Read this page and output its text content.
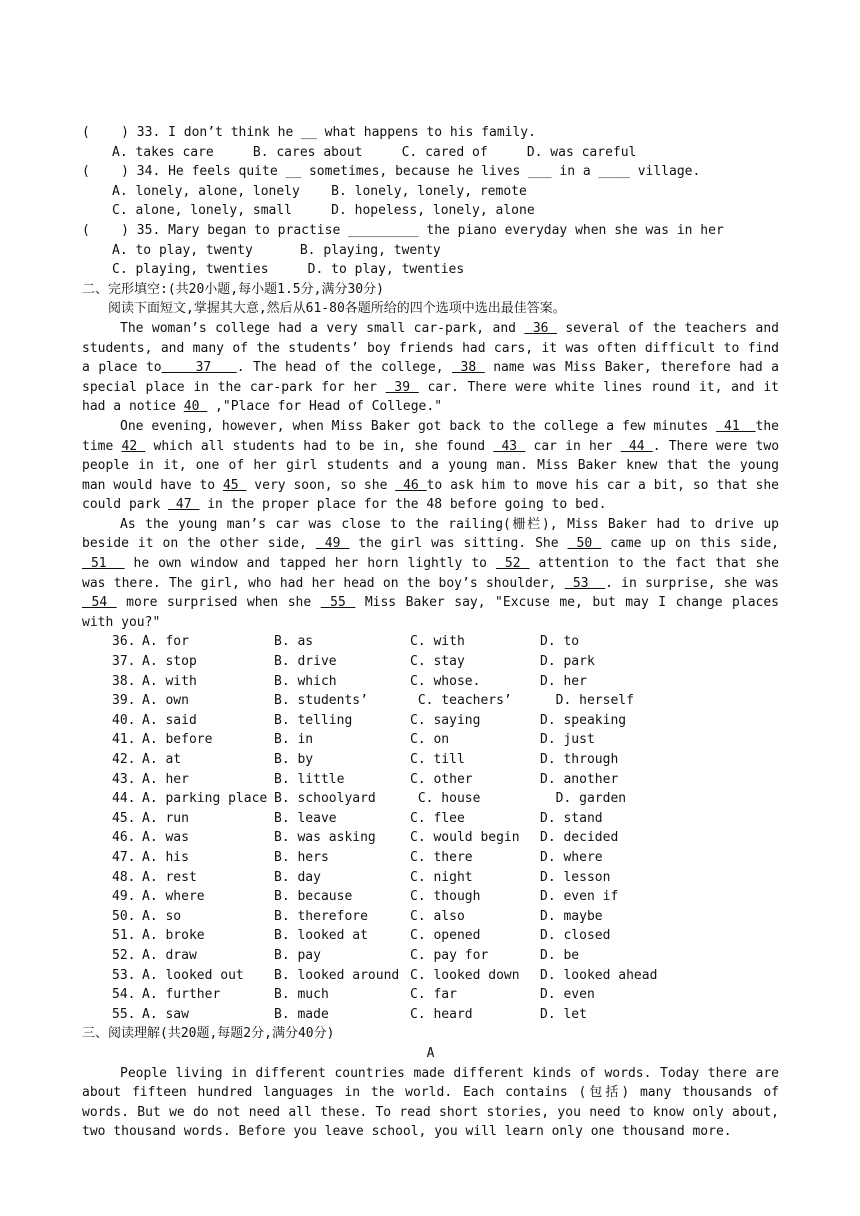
(    ) 33. I don’t think he __ what happens to his family.
A. takes care     B. cares about     C. cared of     D. was careful
(    ) 34. He feels quite __ sometimes, because he lives ___ in a ____ village.
A. lonely, alone, lonely    B. lonely, lonely, remote
C. alone, lonely, small     D. hopeless, lonely, alone
(    ) 35. Mary began to practise _________ the piano everyday when she was in her
A. to play, twenty      B. playing, twenty
C. playing, twenties     D. to play, twenties
二、完形填空:(共20小题,每小题1.5分,满分30分)
阅读下面短文,掌握其大意,然后从61-80各题所给的四个选项中选出最佳答案。

The woman’s college had a very small car-park, and  36  several of the teachers and students, and many of the students’ boy friends had cars, it was often difficult to find a place to    37   . The head of the college,  38  name was Miss Baker, therefore had a special place in the car-park for her  39  car. There were white lines round it, and it had a notice 40  ,"Place for Head of College."

One evening, however, when Miss Baker got back to the college a few minutes  41  the time 42  which all students had to be in, she found  43  car in her  44 . There were two people in it, one of her girl students and a young man. Miss Baker knew that the young man would have to 45  very soon, so she  46 to ask him to move his car a bit, so that she could park  47  in the proper place for the 48 before going to bed.

As the young man’s car was close to the railing(栅栏), Miss Baker had to drive up beside it on the other side,  49  the girl was sitting. She  50  came up on this side,  51   he own window and tapped her horn lightly to  52  attention to the fact that she was there. The girl, who had her head on the boy’s shoulder,  53  . in surprise, she was  54  more surprised when she  55  Miss Baker say, "Excuse me, but may I change places with you?"

36. A. for	B. as	C. with	D. to
37. A. stop	B. drive	C. stay	D. park
38. A. with	B. which	C. whose.	D. her
39. A. own	B. students’	C. teachers’	D. herself
40. A. said	B. telling	C. saying	D. speaking
41. A. before	B. in	C. on	D. just
42. A. at	B. by	C. till	D. through
43. A. her	B. little	C. other	D. another
44. A. parking place B. schoolyard	C. house	D. garden
45. A. run	B. leave	C. flee	D. stand
46. A. was	B. was asking	C. would begin	D. decided
47. A. his	B. hers	C. there	D. where
48. A. rest	B. day	C. night	D. lesson
49. A. where	B. because	C. though	D. even if
50. A. so	B. therefore	C. also	D. maybe
51. A. broke	B. looked at	C. opened	D. closed
52. A. draw	B. pay	C. pay for	D. be
53. A. looked out	B. looked around C. looked down	D. looked ahead
54. A. further	B. much	C. far	D. even
55. A. saw	B. made	C. heard	D. let
三、阅读理解(共20题,每题2分,满分40分)
A

People living in different countries made different kinds of words. Today there are about fifteen hundred languages in the world. Each contains (包括) many thousands of words. But we do not need all these. To read short stories, you need to know only about, two thousand words. Before you leave school, you will learn only one thousand more.
